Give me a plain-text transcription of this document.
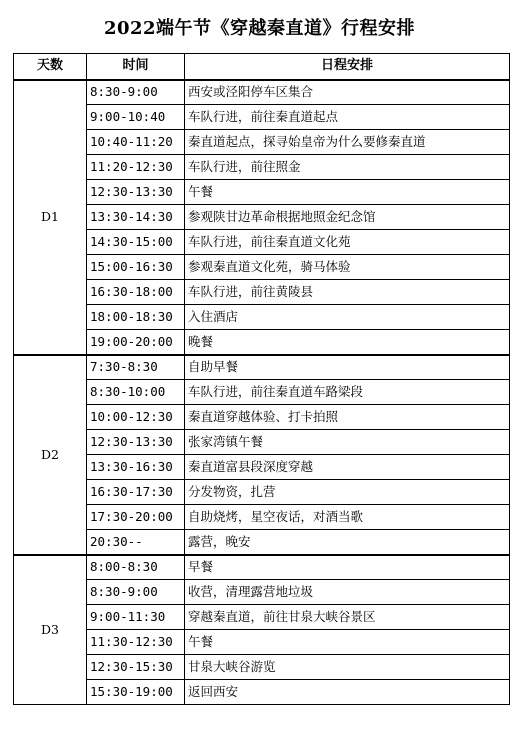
2022端午节《穿越秦直道》行程安排
天数	时间	日程安排
D1	8:30-9:00	西安或泾阳停车区集合
	9:00-10:40	车队行进，前往秦直道起点
	10:40-11:20	秦直道起点，探寻始皇帝为什么要修秦直道
	11:20-12:30	车队行进，前往照金
	12:30-13:30	午餐
	13:30-14:30	参观陕甘边革命根据地照金纪念馆
	14:30-15:00	车队行进，前往秦直道文化苑
	15:00-16:30	参观秦直道文化苑，骑马体验
	16:30-18:00	车队行进，前往黄陵县
	18:00-18:30	入住酒店
	19:00-20:00	晚餐
D2	7:30-8:30	自助早餐
	8:30-10:00	车队行进，前往秦直道车路梁段
	10:00-12:30	秦直道穿越体验、打卡拍照
	12:30-13:30	张家湾镇午餐
	13:30-16:30	秦直道富县段深度穿越
	16:30-17:30	分发物资，扎营
	17:30-20:00	自助烧烤，星空夜话，对酒当歌
	20:30--	露营，晚安
D3	8:00-8:30	早餐
	8:30-9:00	收营，清理露营地垃圾
	9:00-11:30	穿越秦直道，前往甘泉大峡谷景区
	11:30-12:30	午餐
	12:30-15:30	甘泉大峡谷游览
	15:30-19:00	返回西安
